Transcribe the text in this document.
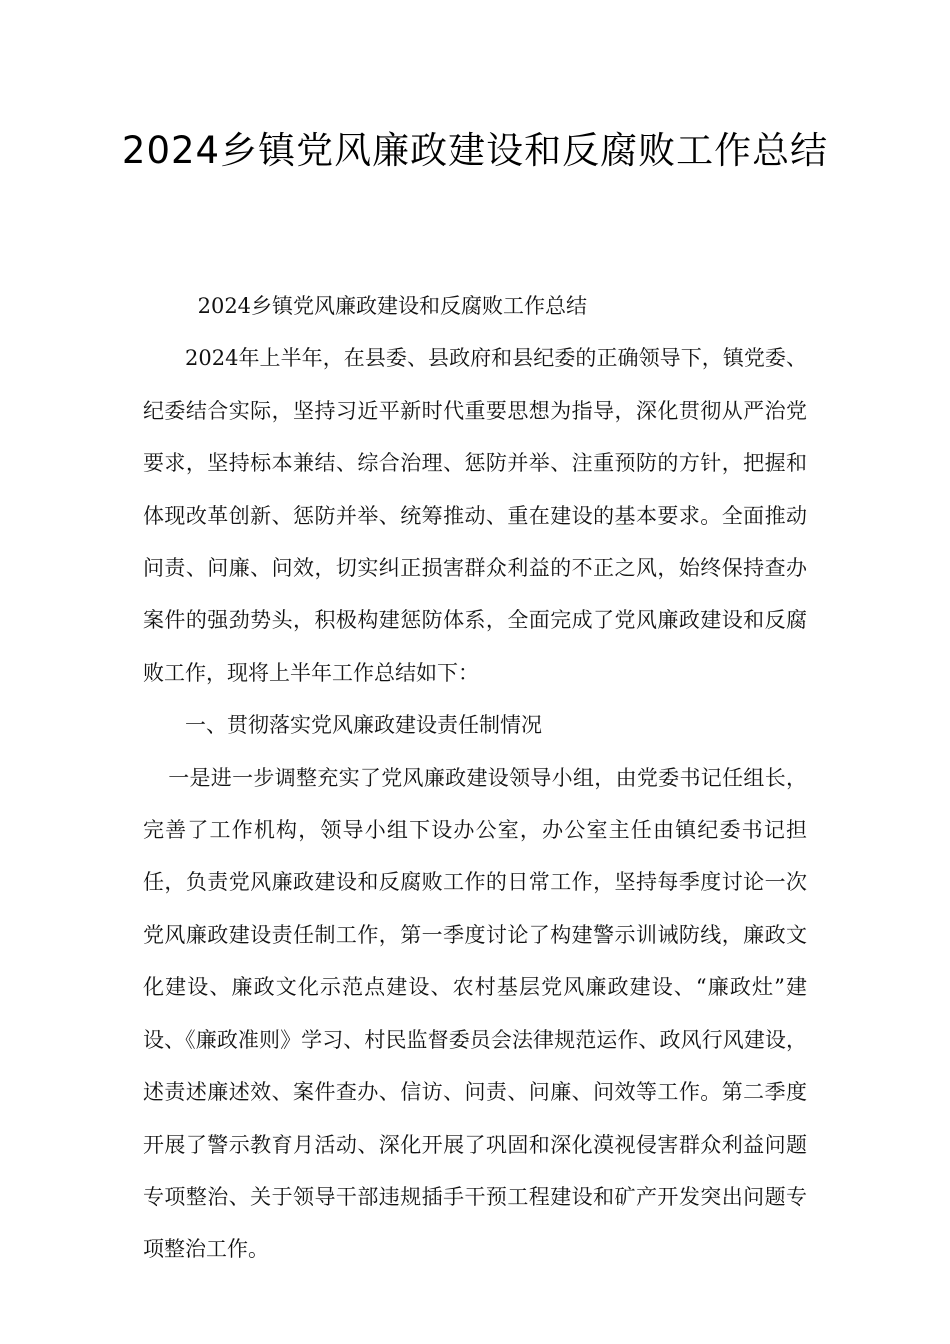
2024乡镇党风廉政建设和反腐败工作总结

2024乡镇党风廉政建设和反腐败工作总结

2024年上半年，在县委、县政府和县纪委的正确领导下，镇党委、纪委结合实际，坚持习近平新时代重要思想为指导，深化贯彻从严治党要求，坚持标本兼结、综合治理、惩防并举、注重预防的方针，把握和体现改革创新、惩防并举、统筹推动、重在建设的基本要求。全面推动问责、问廉、问效，切实纠正损害群众利益的不正之风，始终保持查办案件的强劲势头，积极构建惩防体系，全面完成了党风廉政建设和反腐败工作，现将上半年工作总结如下：

一、贯彻落实党风廉政建设责任制情况

一是进一步调整充实了党风廉政建设领导小组，由党委书记任组长，完善了工作机构，领导小组下设办公室，办公室主任由镇纪委书记担任，负责党风廉政建设和反腐败工作的日常工作，坚持每季度讨论一次党风廉政建设责任制工作，第一季度讨论了构建警示训诫防线，廉政文化建设、廉政文化示范点建设、农村基层党风廉政建设、“廉政灶”建设、《廉政准则》学习、村民监督委员会法律规范运作、政风行风建设，述责述廉述效、案件查办、信访、问责、问廉、问效等工作。第二季度开展了警示教育月活动、深化开展了巩固和深化漠视侵害群众利益问题专项整治、关于领导干部违规插手干预工程建设和矿产开发突出问题专项整治工作。
